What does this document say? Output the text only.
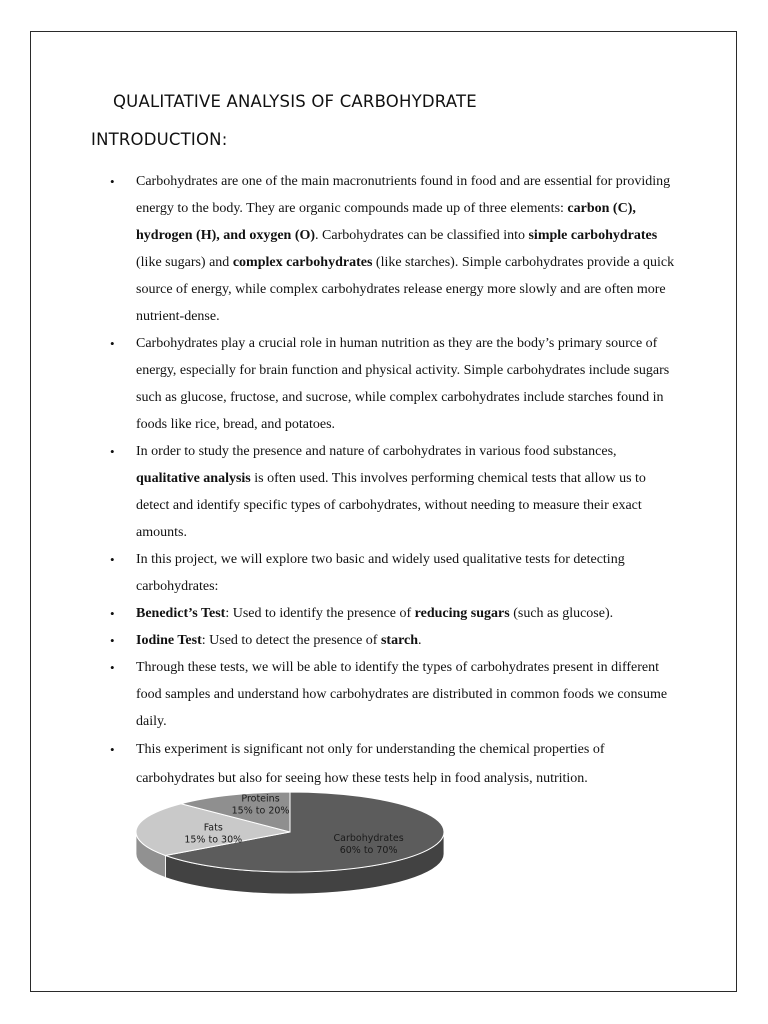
QUALITATIVE ANALYSIS OF CARBOHYDRATE
INTRODUCTION:
• Carbohydrates are one of the main macronutrients found in food and are essential for providing energy to the body. They are organic compounds made up of three elements: carbon (C), hydrogen (H), and oxygen (O). Carbohydrates can be classified into simple carbohydrates (like sugars) and complex carbohydrates (like starches). Simple carbohydrates provide a quick source of energy, while complex carbohydrates release energy more slowly and are often more nutrient-dense.
• Carbohydrates play a crucial role in human nutrition as they are the body’s primary source of energy, especially for brain function and physical activity. Simple carbohydrates include sugars such as glucose, fructose, and sucrose, while complex carbohydrates include starches found in foods like rice, bread, and potatoes.
• In order to study the presence and nature of carbohydrates in various food substances, qualitative analysis is often used. This involves performing chemical tests that allow us to detect and identify specific types of carbohydrates, without needing to measure their exact amounts.
• In this project, we will explore two basic and widely used qualitative tests for detecting carbohydrates:
• Benedict’s Test: Used to identify the presence of reducing sugars (such as glucose).
• Iodine Test: Used to detect the presence of starch.
• Through these tests, we will be able to identify the types of carbohydrates present in different food samples and understand how carbohydrates are distributed in common foods we consume daily.
• This experiment is significant not only for understanding the chemical properties of carbohydrates but also for seeing how these tests help in food analysis, nutrition.
Carbohydrates
60% to 70%
Fats
15% to 30%
Proteins
15% to 20%
